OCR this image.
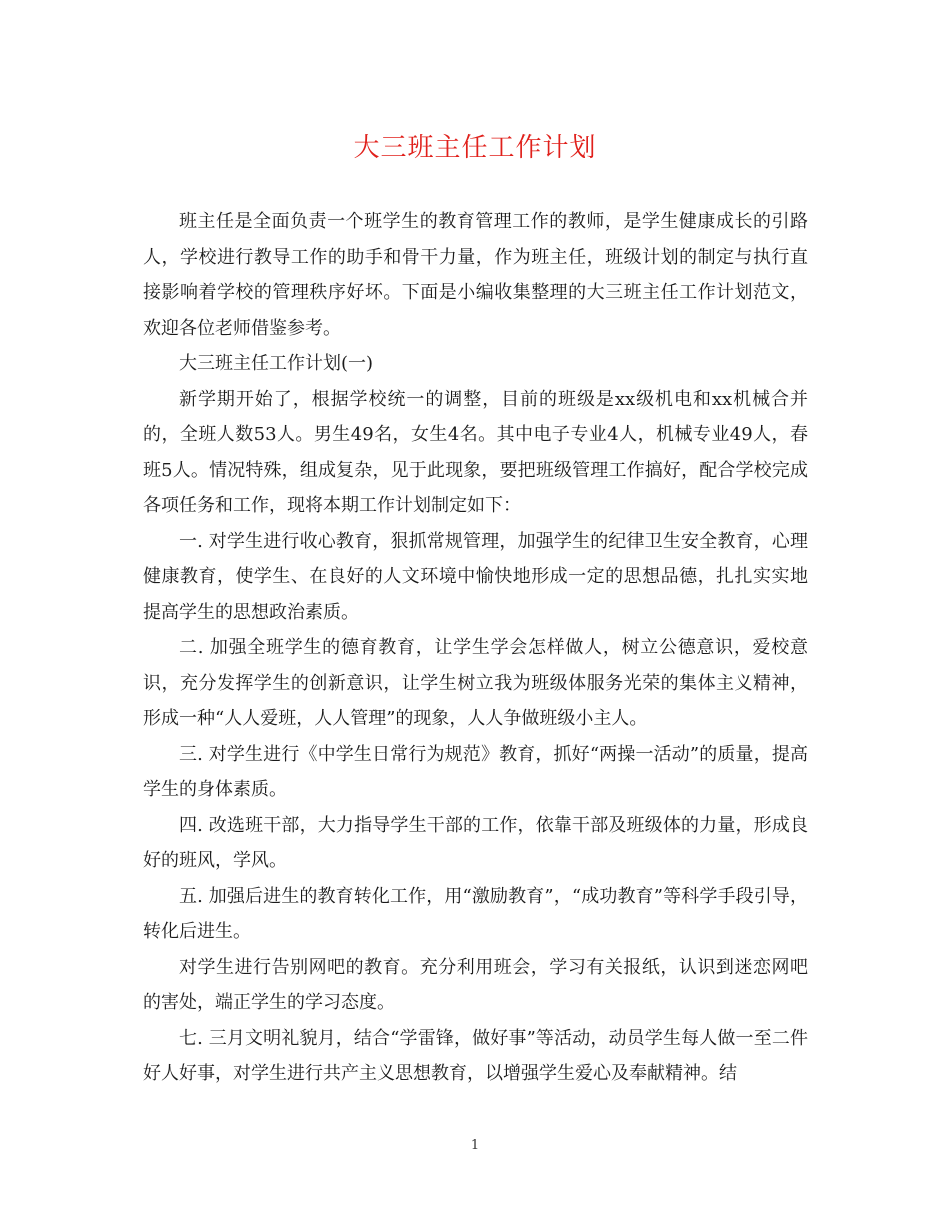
大三班主任工作计划

班主任是全面负责一个班学生的教育管理工作的教师，是学生健康成长的引路人，学校进行教导工作的助手和骨干力量，作为班主任，班级计划的制定与执行直接影响着学校的管理秩序好坏。下面是小编收集整理的大三班主任工作计划范文，欢迎各位老师借鉴参考。

大三班主任工作计划(一)

新学期开始了，根据学校统一的调整，目前的班级是xx级机电和xx机械合并的，全班人数53人。男生49名，女生4名。其中电子专业4人，机械专业49人，春班5人。情况特殊，组成复杂，见于此现象，要把班级管理工作搞好，配合学校完成各项任务和工作，现将本期工作计划制定如下：

一. 对学生进行收心教育，狠抓常规管理，加强学生的纪律卫生安全教育，心理健康教育，使学生、在良好的人文环境中愉快地形成一定的思想品德，扎扎实实地提高学生的思想政治素质。

二. 加强全班学生的德育教育，让学生学会怎样做人，树立公德意识，爱校意识，充分发挥学生的创新意识，让学生树立我为班级体服务光荣的集体主义精神，形成一种“人人爱班，人人管理”的现象，人人争做班级小主人。

三. 对学生进行《中学生日常行为规范》教育，抓好“两操一活动”的质量，提高学生的身体素质。

四. 改选班干部，大力指导学生干部的工作，依靠干部及班级体的力量，形成良好的班风，学风。

五. 加强后进生的教育转化工作，用“激励教育”，“成功教育”等科学手段引导，转化后进生。

对学生进行告别网吧的教育。充分利用班会，学习有关报纸，认识到迷恋网吧的害处，端正学生的学习态度。

七. 三月文明礼貌月，结合“学雷锋，做好事”等活动，动员学生每人做一至二件好人好事，对学生进行共产主义思想教育，以增强学生爱心及奉献精神。结

1
